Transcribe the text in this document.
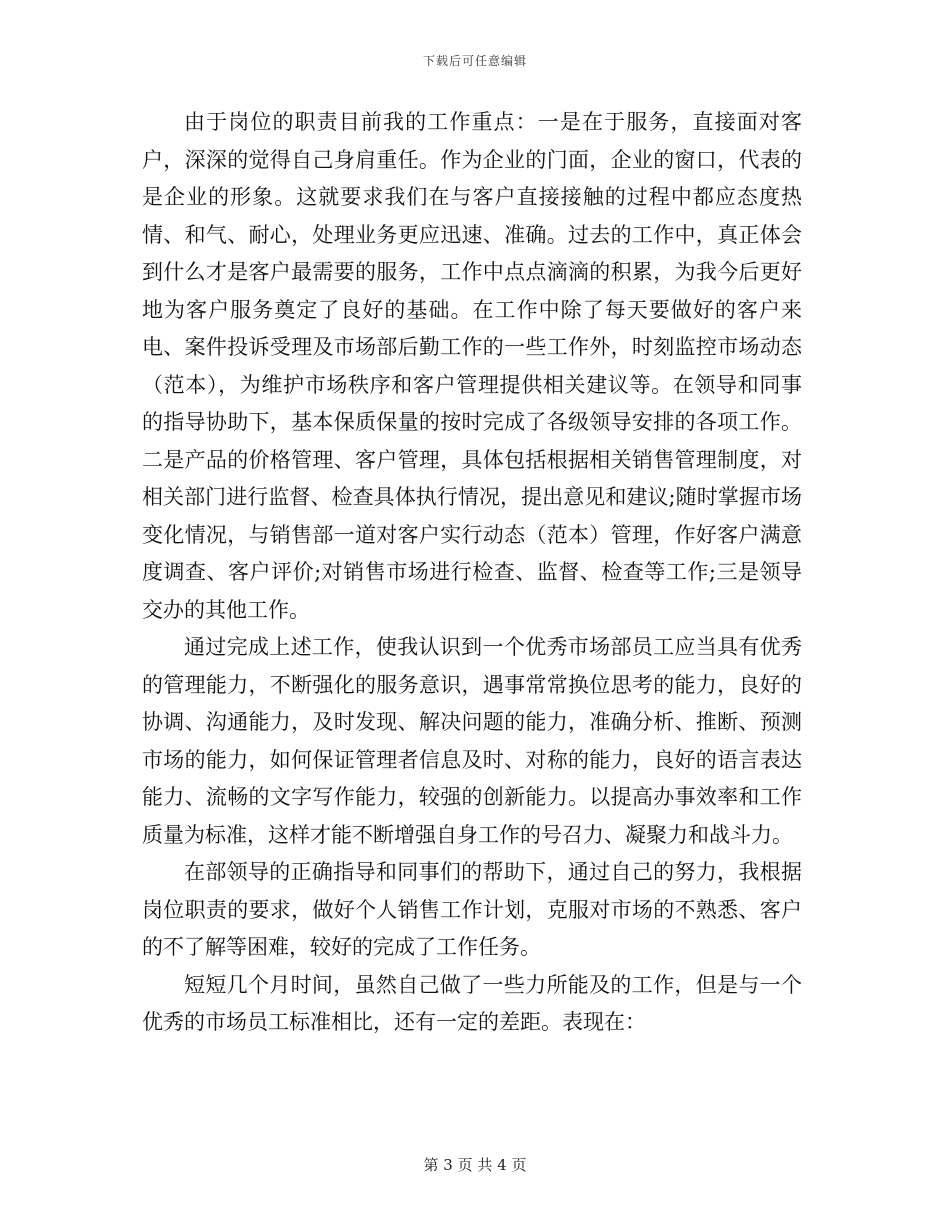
下载后可任意编辑

由于岗位的职责目前我的工作重点：一是在于服务，直接面对客户，深深的觉得自己身肩重任。作为企业的门面，企业的窗口，代表的是企业的形象。这就要求我们在与客户直接接触的过程中都应态度热情、和气、耐心，处理业务更应迅速、准确。过去的工作中，真正体会到什么才是客户最需要的服务，工作中点点滴滴的积累，为我今后更好地为客户服务奠定了良好的基础。在工作中除了每天要做好的客户来电、案件投诉受理及市场部后勤工作的一些工作外，时刻监控市场动态（范本），为维护市场秩序和客户管理提供相关建议等。在领导和同事的指导协助下，基本保质保量的按时完成了各级领导安排的各项工作。二是产品的价格管理、客户管理，具体包括根据相关销售管理制度，对相关部门进行监督、检查具体执行情况，提出意见和建议;随时掌握市场变化情况，与销售部一道对客户实行动态（范本）管理，作好客户满意度调查、客户评价;对销售市场进行检查、监督、检查等工作;三是领导交办的其他工作。

通过完成上述工作，使我认识到一个优秀市场部员工应当具有优秀的管理能力，不断强化的服务意识，遇事常常换位思考的能力，良好的协调、沟通能力，及时发现、解决问题的能力，准确分析、推断、预测市场的能力，如何保证管理者信息及时、对称的能力，良好的语言表达能力、流畅的文字写作能力，较强的创新能力。以提高办事效率和工作质量为标准，这样才能不断增强自身工作的号召力、凝聚力和战斗力。

在部领导的正确指导和同事们的帮助下，通过自己的努力，我根据岗位职责的要求，做好个人销售工作计划，克服对市场的不熟悉、客户的不了解等困难，较好的完成了工作任务。

短短几个月时间，虽然自己做了一些力所能及的工作，但是与一个优秀的市场员工标准相比，还有一定的差距。表现在：

第 3 页 共 4 页
